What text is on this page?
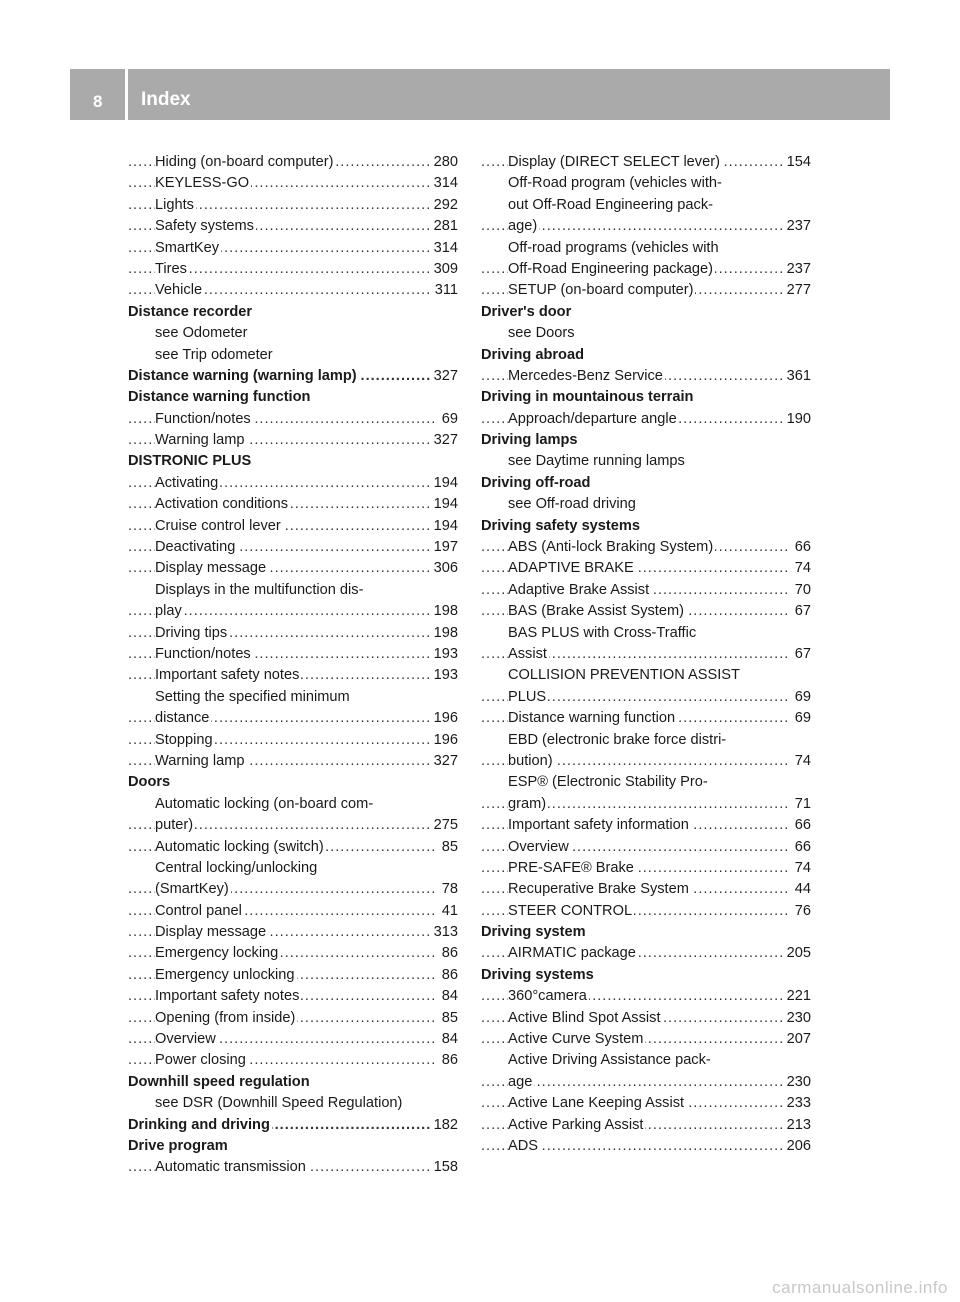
8 Index
Hiding (on-board computer)	280
.....
KEYLESS-GO	314
.....
Lights	292
.....
Safety systems	281
.....
SmartKey	314
.....
Tires	309
.....
Vehicle	311
.....
Distance recorder
see Odometer
see Trip odometer
Distance warning (warning lamp)	327
.....
Distance warning function
Function/notes	69
.....
Warning lamp	327
.....
DISTRONIC PLUS
Activating	194
.....
Activation conditions	194
.....
Cruise control lever	194
.....
Deactivating	197
.....
Display message	306
.....
Displays in the multifunction dis-
play	198
.....
Driving tips	198
.....
Function/notes	193
.....
Important safety notes	193
.....
Setting the specified minimum
distance	196
.....
Stopping	196
.....
Warning lamp	327
.....
Doors
Automatic locking (on-board com-
puter)	275
.....
Automatic locking (switch)	85
.....
Central locking/unlocking
(SmartKey)	78
.....
Control panel	41
.....
Display message	313
.....
Emergency locking	86
.....
Emergency unlocking	86
.....
Important safety notes	84
.....
Opening (from inside)	85
.....
Overview	84
.....
Power closing	86
.....
Downhill speed regulation
see DSR (Downhill Speed Regulation)
Drinking and driving	182
.....
Drive program
Automatic transmission	158
.....
Display (DIRECT SELECT lever)	154
.....
Off-Road program (vehicles with-
out Off-Road Engineering pack-
age)	237
.....
Off-road programs (vehicles with
Off-Road Engineering package)	237
.....
SETUP (on-board computer)	277
.....
Driver's door
see Doors
Driving abroad
Mercedes-Benz Service	361
.....
Driving in mountainous terrain
Approach/departure angle	190
.....
Driving lamps
see Daytime running lamps
Driving off-road
see Off-road driving
Driving safety systems
ABS (Anti-lock Braking System)	66
.....
ADAPTIVE BRAKE	74
.....
Adaptive Brake Assist	70
.....
BAS (Brake Assist System)	67
.....
BAS PLUS with Cross-Traffic
Assist	67
.....
COLLISION PREVENTION ASSIST
PLUS	69
.....
Distance warning function	69
.....
EBD (electronic brake force distri-
bution)	74
.....
ESP® (Electronic Stability Pro-
gram)	71
.....
Important safety information	66
.....
Overview	66
.....
PRE-SAFE® Brake	74
.....
Recuperative Brake System	44
.....
STEER CONTROL	76
.....
Driving system
AIRMATIC package	205
.....
Driving systems
360°camera	221
.....
Active Blind Spot Assist	230
.....
Active Curve System	207
.....
Active Driving Assistance pack-
age	230
.....
Active Lane Keeping Assist	233
.....
Active Parking Assist	213
.....
ADS	206
.....
carmanualsonline.info
